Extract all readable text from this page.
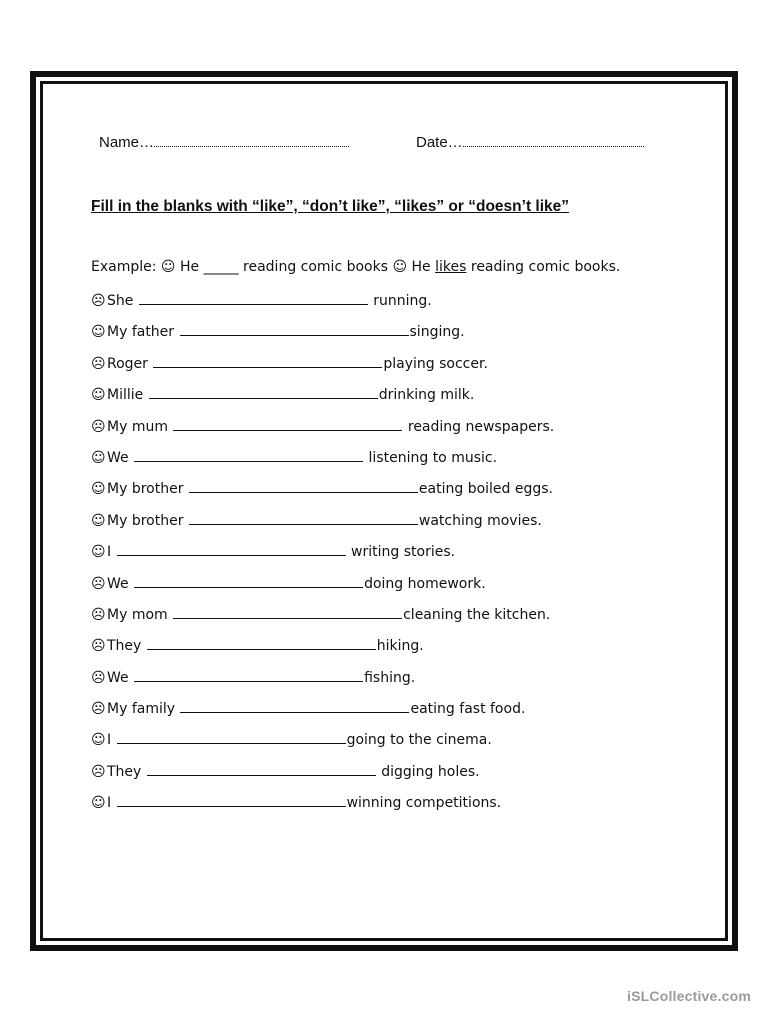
Name…	Date…
Fill in the blanks with “like”, “don’t like”, “likes” or “doesn’t like”
Example: ☺ He _____ reading comic books ☺ He likes reading comic books.
☹She	running.
☺My father	singing.
☹Roger	playing soccer.
☺Millie	drinking milk.
☹My mum	reading newspapers.
☺We	listening to music.
☺My brother	eating boiled eggs.
☺My brother	watching movies.
☺I	writing stories.
☹We	doing homework.
☹My mom	cleaning the kitchen.
☹They	hiking.
☹We	fishing.
☹My family	eating fast food.
☺I	going to the cinema.
☹They	digging holes.
☺I	winning competitions.
iSLCollective.com
